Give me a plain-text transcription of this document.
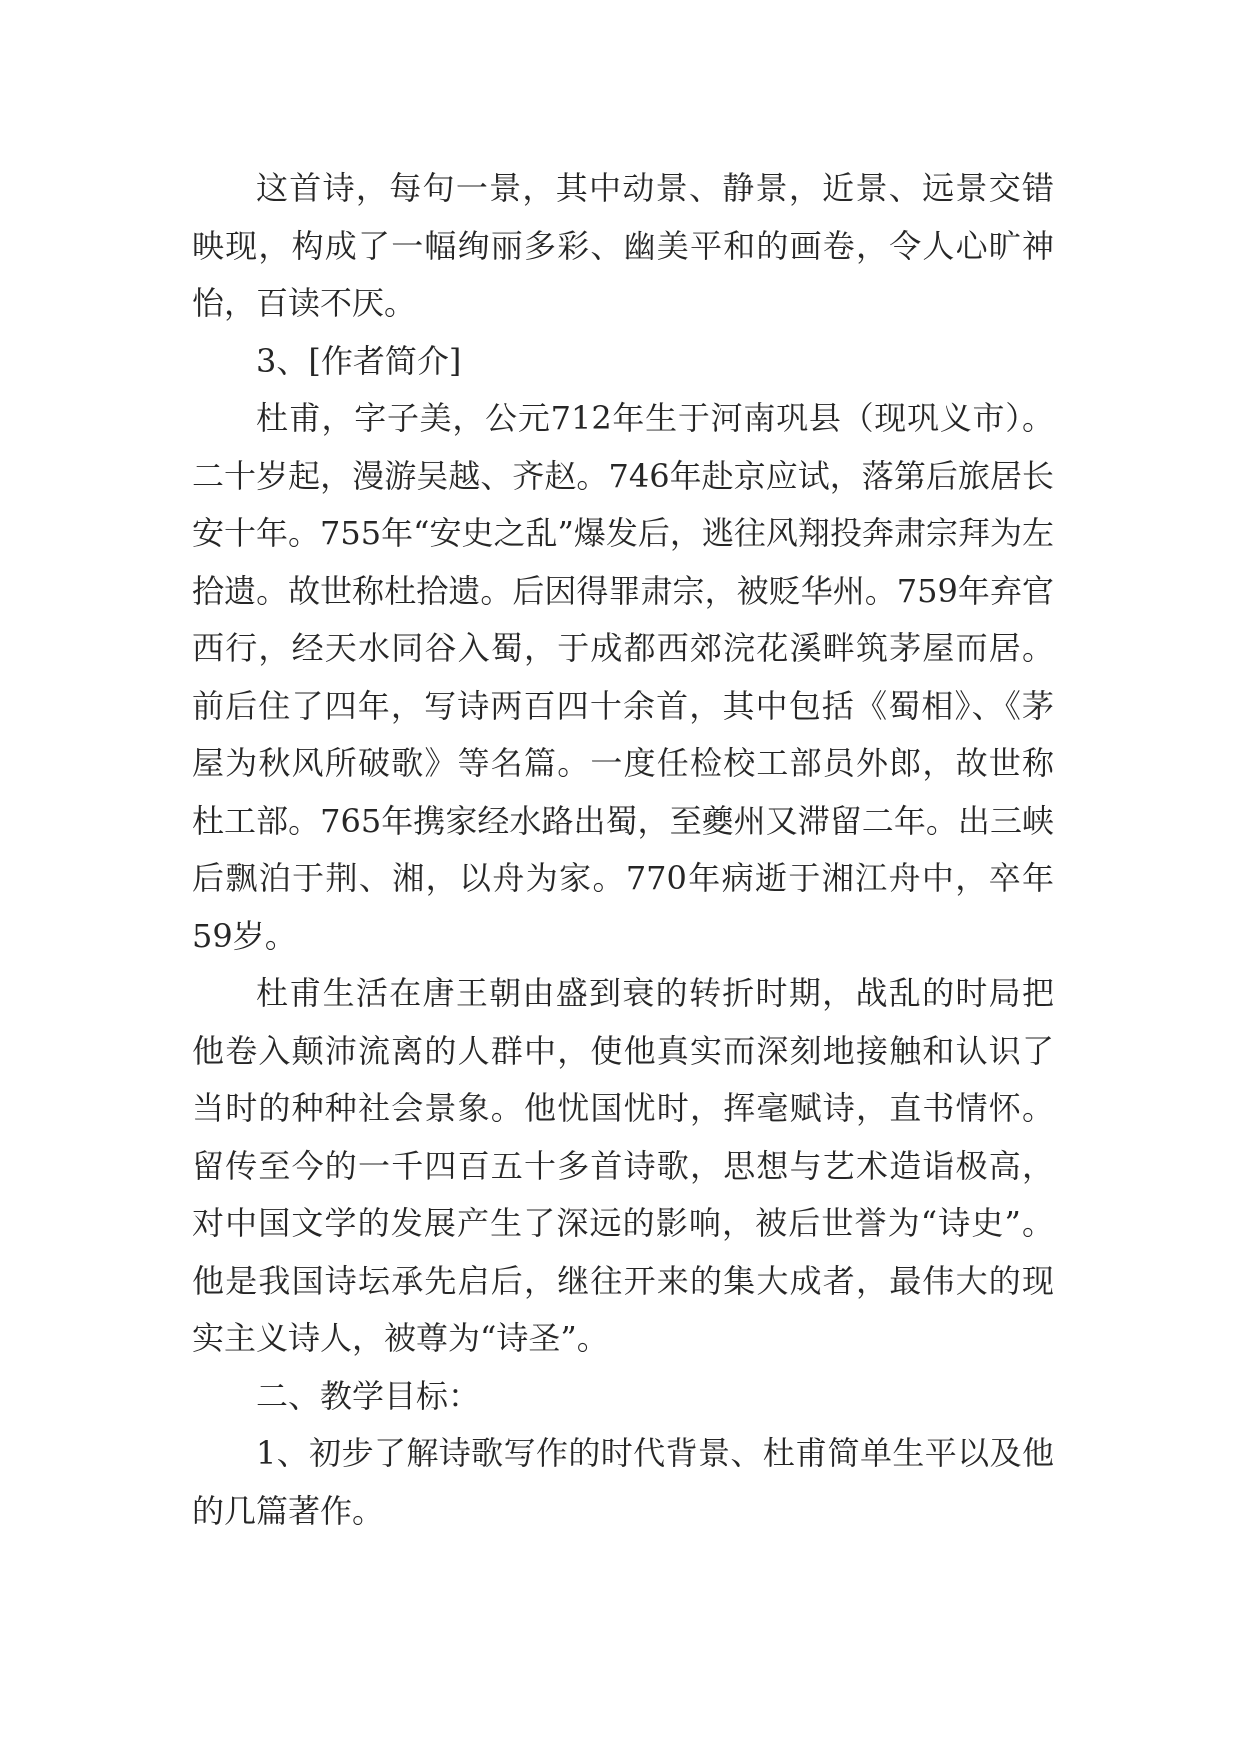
这首诗，每句一景，其中动景、静景，近景、远景交错映现，构成了一幅绚丽多彩、幽美平和的画卷，令人心旷神怡，百读不厌。

3、[作者简介]

杜甫，字子美，公元712年生于河南巩县（现巩义市）。二十岁起，漫游吴越、齐赵。746年赴京应试，落第后旅居长安十年。755年“安史之乱”爆发后，逃往风翔投奔肃宗拜为左拾遗。故世称杜拾遗。后因得罪肃宗，被贬华州。759年弃官西行，经天水同谷入蜀，于成都西郊浣花溪畔筑茅屋而居。前后住了四年，写诗两百四十余首，其中包括《蜀相》、《茅屋为秋风所破歌》等名篇。一度任检校工部员外郎，故世称杜工部。765年携家经水路出蜀，至夔州又滞留二年。出三峡后飘泊于荆、湘，以舟为家。770年病逝于湘江舟中，卒年59岁。

杜甫生活在唐王朝由盛到衰的转折时期，战乱的时局把他卷入颠沛流离的人群中，使他真实而深刻地接触和认识了当时的种种社会景象。他忧国忧时，挥毫赋诗，直书情怀。留传至今的一千四百五十多首诗歌，思想与艺术造诣极高，对中国文学的发展产生了深远的影响，被后世誉为“诗史”。他是我国诗坛承先启后，继往开来的集大成者，最伟大的现实主义诗人，被尊为“诗圣”。

二、教学目标：

1、初步了解诗歌写作的时代背景、杜甫简单生平以及他的几篇著作。
